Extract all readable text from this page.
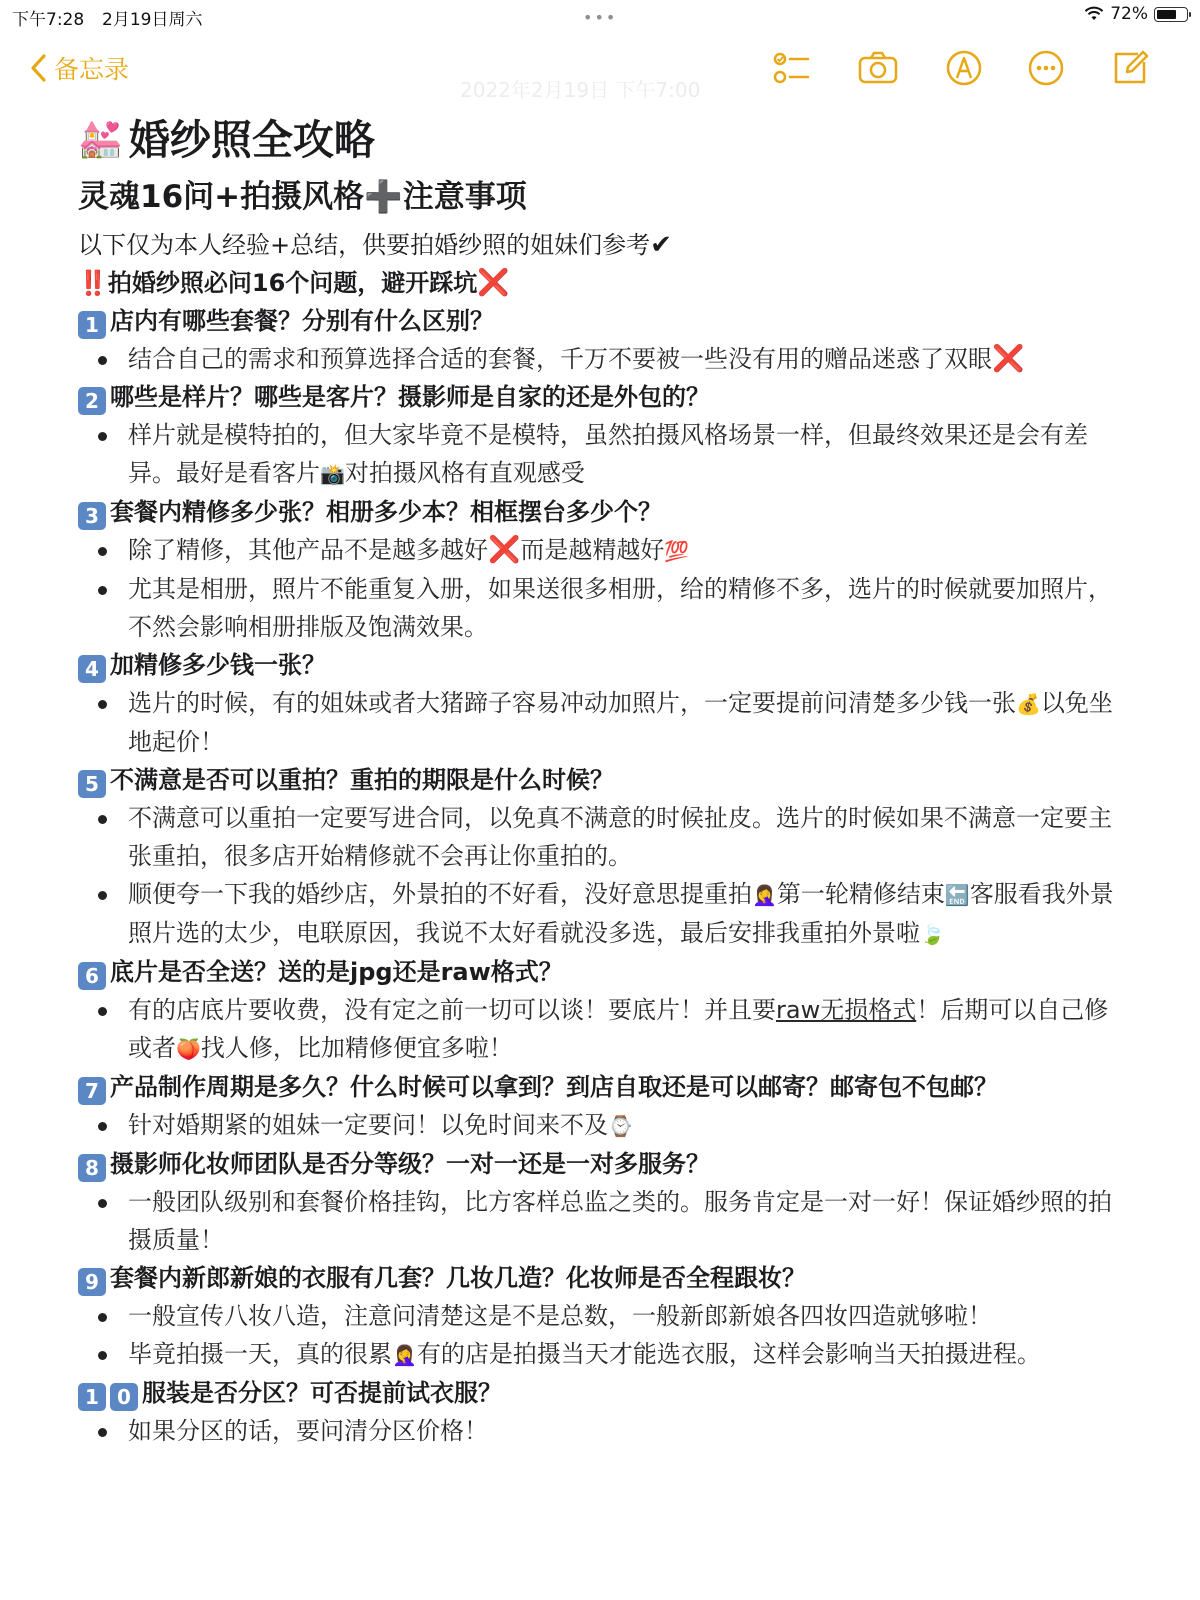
下午7:28 2月19日周六	•••	72%
备忘录
2022年2月19日 下午7:00
💒 婚纱照全攻略
灵魂16问+拍摄风格➕注意事项
以下仅为本人经验+总结，供要拍婚纱照的姐妹们参考✔
‼️拍婚纱照必问16个问题，避开踩坑❌
1 店内有哪些套餐？分别有什么区别？
结合自己的需求和预算选择合适的套餐，千万不要被一些没有用的赠品迷惑了双眼❌
2 哪些是样片？哪些是客片？摄影师是自家的还是外包的？
样片就是模特拍的，但大家毕竟不是模特，虽然拍摄风格场景一样，但最终效果还是会有差异。最好是看客片📸对拍摄风格有直观感受
3 套餐内精修多少张？相册多少本？相框摆台多少个？
除了精修，其他产品不是越多越好❌而是越精越好💯
尤其是相册，照片不能重复入册，如果送很多相册，给的精修不多，选片的时候就要加照片，不然会影响相册排版及饱满效果。
4 加精修多少钱一张？
选片的时候，有的姐妹或者大猪蹄子容易冲动加照片，一定要提前问清楚多少钱一张💰以免坐地起价！
5 不满意是否可以重拍？重拍的期限是什么时候？
不满意可以重拍一定要写进合同，以免真不满意的时候扯皮。选片的时候如果不满意一定要主张重拍，很多店开始精修就不会再让你重拍的。
顺便夸一下我的婚纱店，外景拍的不好看，没好意思提重拍🤦‍♀️第一轮精修结束🔚客服看我外景照片选的太少，电联原因，我说不太好看就没多选，最后安排我重拍外景啦🍃
6 底片是否全送？送的是jpg还是raw格式？
有的店底片要收费，没有定之前一切可以谈！要底片！并且要raw无损格式！后期可以自己修或者🍑找人修，比加精修便宜多啦！
7 产品制作周期是多久？什么时候可以拿到？到店自取还是可以邮寄？邮寄包不包邮？
针对婚期紧的姐妹一定要问！以免时间来不及⌚
8 摄影师化妆师团队是否分等级？一对一还是一对多服务？
一般团队级别和套餐价格挂钩，比方客样总监之类的。服务肯定是一对一好！保证婚纱照的拍摄质量！
9 套餐内新郎新娘的衣服有几套？几妆几造？化妆师是否全程跟妆？
一般宣传八妆八造，注意问清楚这是不是总数，一般新郎新娘各四妆四造就够啦！
毕竟拍摄一天，真的很累🤦‍♀️有的店是拍摄当天才能选衣服，这样会影响当天拍摄进程。
1 0 服装是否分区？可否提前试衣服？
如果分区的话，要问清分区价格！
